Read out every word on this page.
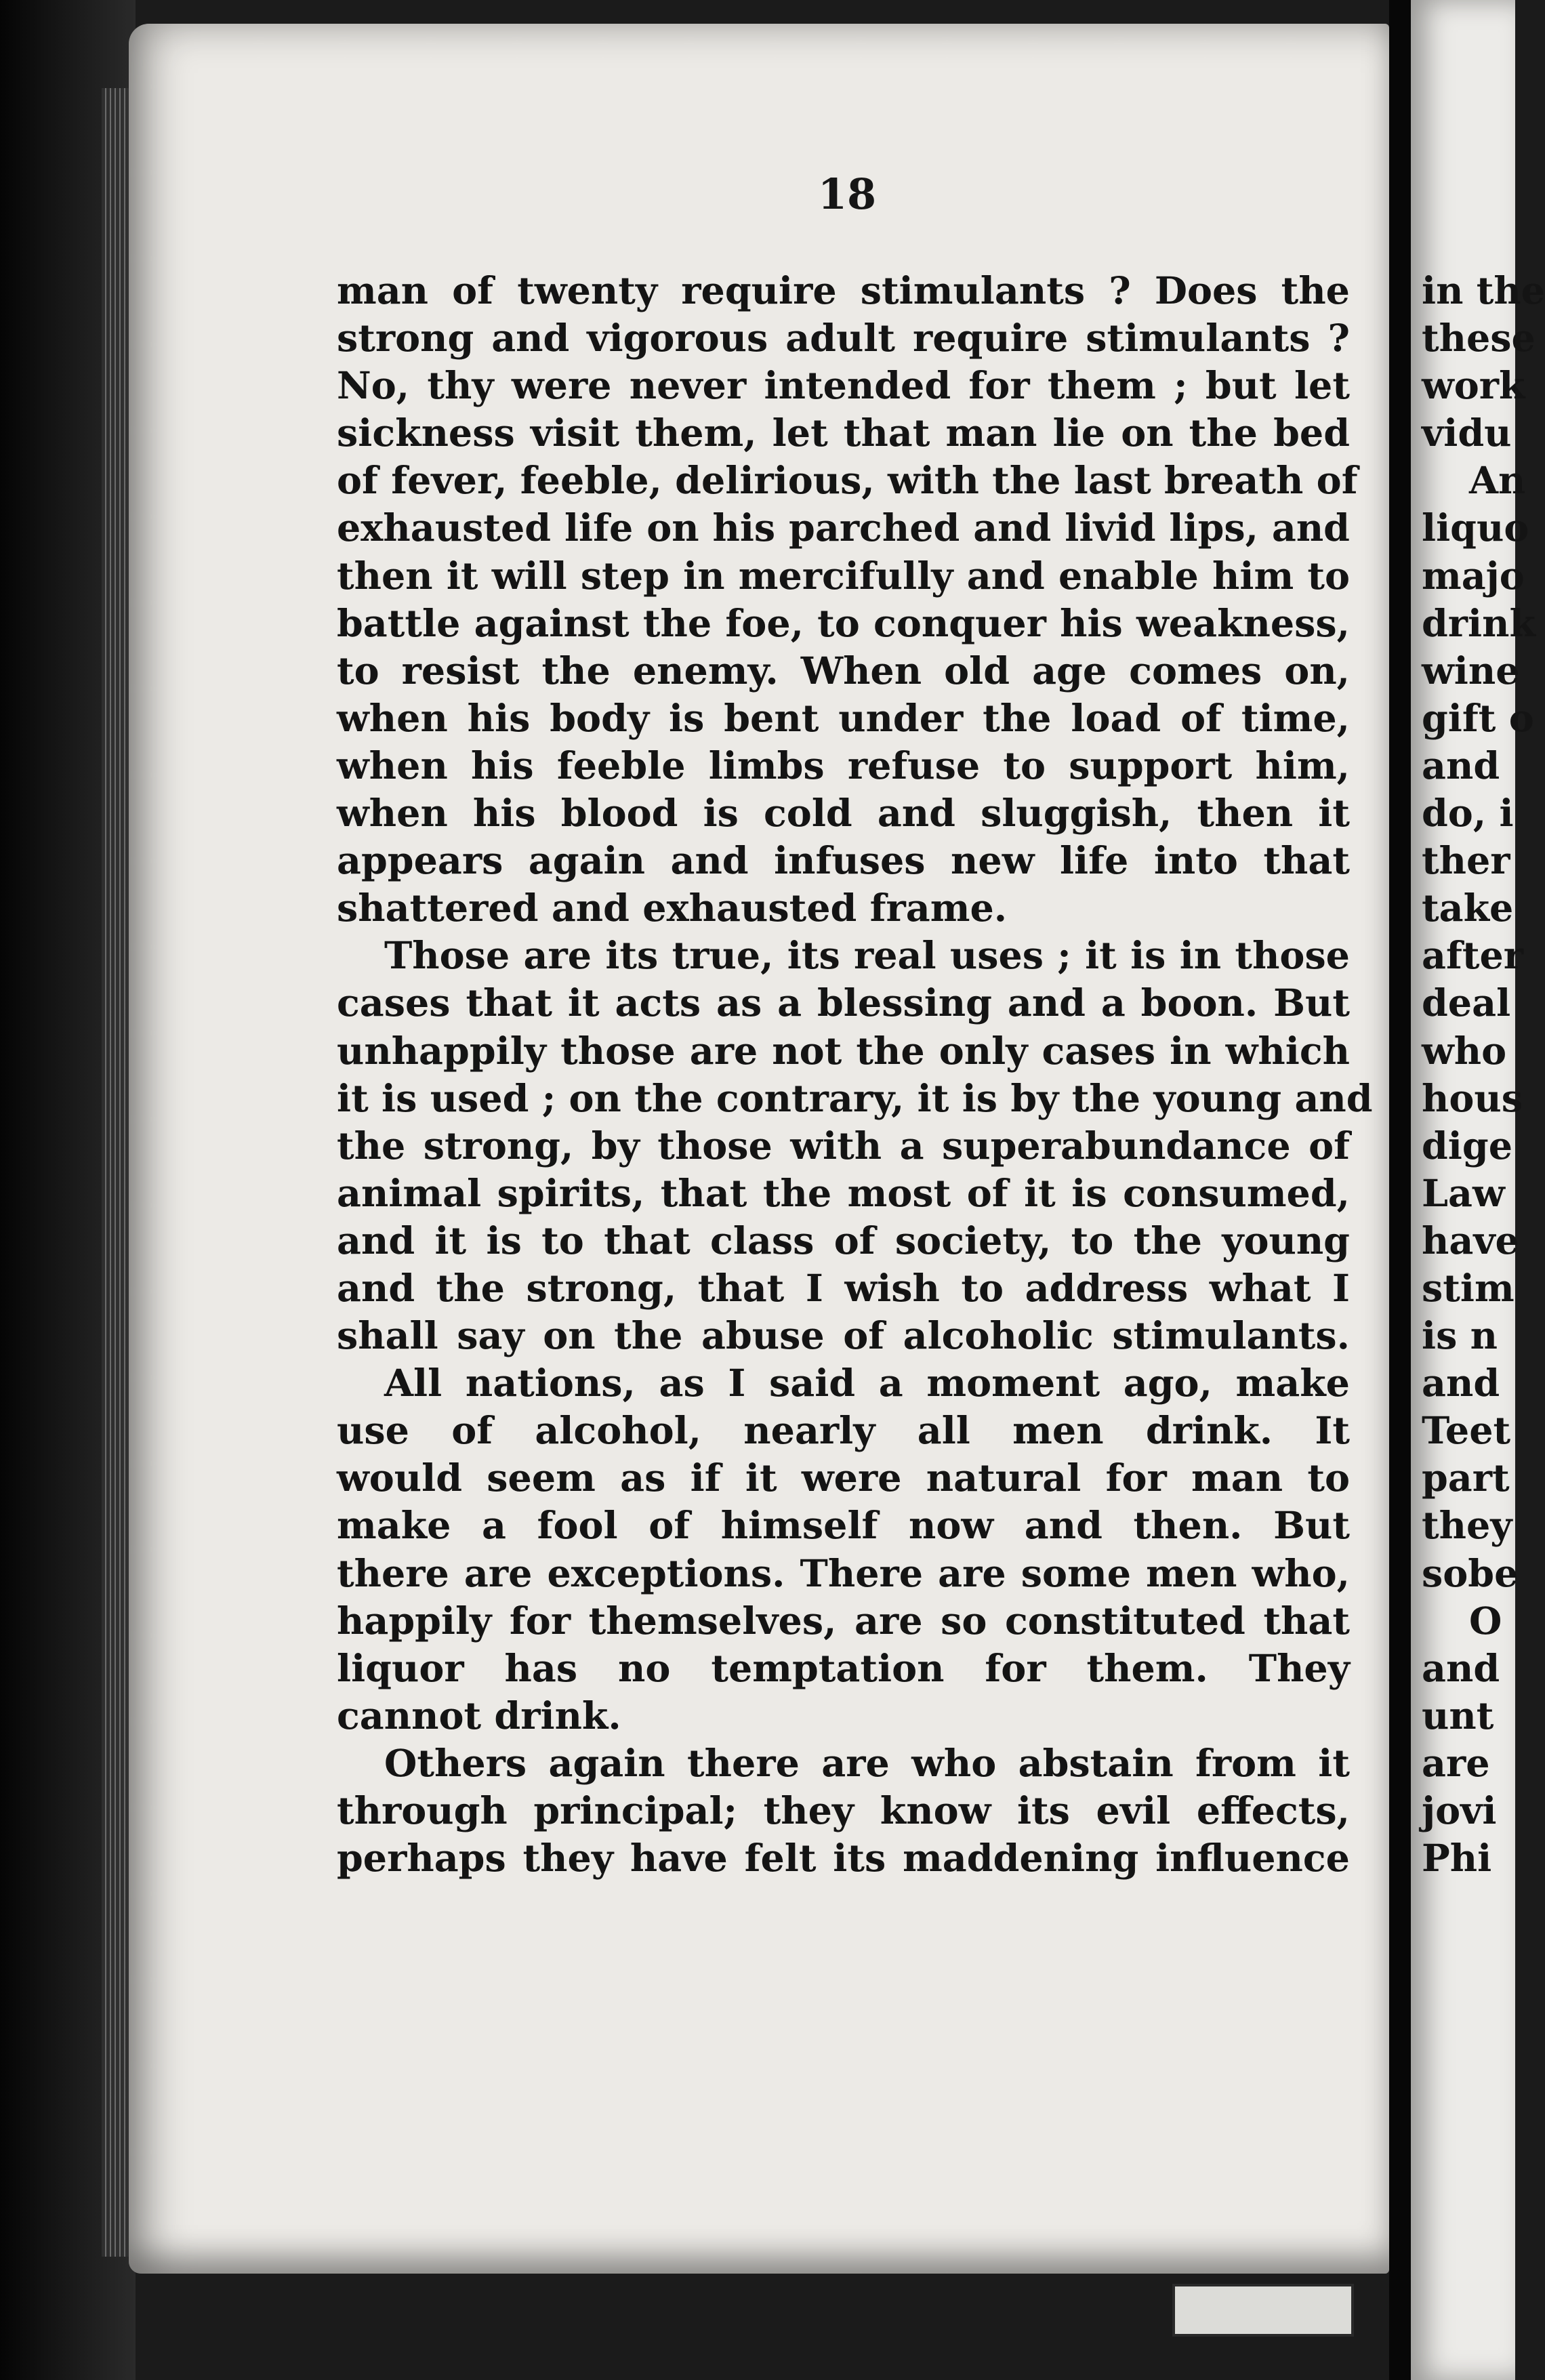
18
man of twenty require stimulants ? Does the
strong and vigorous adult require stimulants ?
No, thy were never intended for them ; but let
sickness visit them, let that man lie on the bed
of fever, feeble, delirious, with the last breath of
exhausted life on his parched and livid lips, and
then it will step in mercifully and enable him to
battle against the foe, to conquer his weakness,
to resist the enemy. When old age comes on,
when his body is bent under the load of time,
when his feeble limbs refuse to support him,
when his blood is cold and sluggish, then it
appears again and infuses new life into that
shattered and exhausted frame.
Those are its true, its real uses ; it is in those
cases that it acts as a blessing and a boon. But
unhappily those are not the only cases in which
it is used ; on the contrary, it is by the young and
the strong, by those with a superabundance of
animal spirits, that the most of it is consumed,
and it is to that class of society, to the young
and the strong, that I wish to address what I
shall say on the abuse of alcoholic stimulants.
All nations, as I said a moment ago, make
use of alcohol, nearly all men drink. It
would seem as if it were natural for man to
make a fool of himself now and then. But
there are exceptions. There are some men who,
happily for themselves, are so constituted that
liquor has no temptation for them. They
cannot drink.
Others again there are who abstain from it
through principal; they know its evil effects,
perhaps they have felt its maddening influence
in the
these
work
vidu
An
liquo
majo
drink
wine
gift o
and
do, i
ther
take
after
deal
who
hous
dige
Law
have
stim
is n
and
Teet
part
they
sobe
O
and
unt
are
jovi
Phi
